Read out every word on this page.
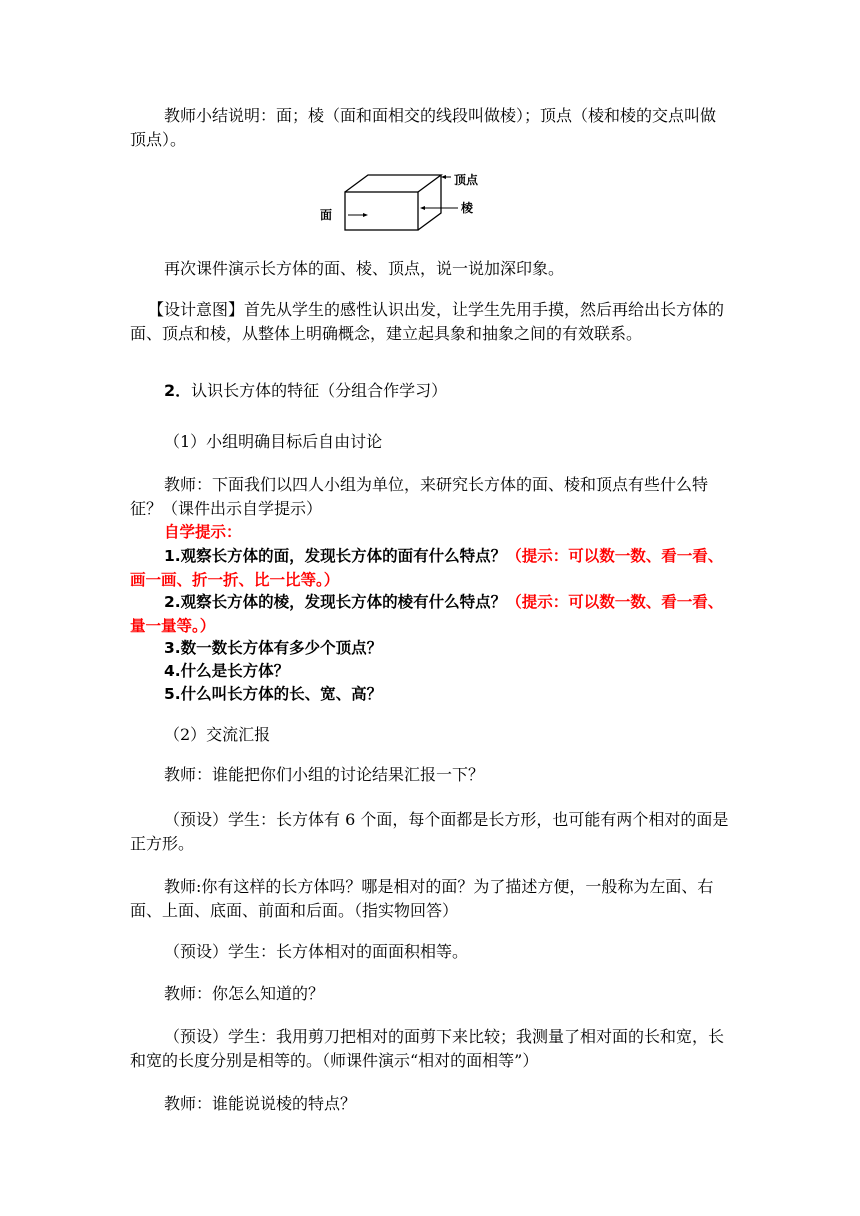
教师小结说明：面；棱（面和面相交的线段叫做棱）；顶点（棱和棱的交点叫做顶点）。

顶点
面	棱

再次课件演示长方体的面、棱、顶点，说一说加深印象。

【设计意图】首先从学生的感性认识出发，让学生先用手摸，然后再给出长方体的面、顶点和棱，从整体上明确概念，建立起具象和抽象之间的有效联系。

2．认识长方体的特征（分组合作学习）

（1）小组明确目标后自由讨论

教师：下面我们以四人小组为单位，来研究长方体的面、棱和顶点有些什么特征？（课件出示自学提示）

自学提示：

1.观察长方体的面，发现长方体的面有什么特点？（提示：可以数一数、看一看、画一画、折一折、比一比等。）

2.观察长方体的棱，发现长方体的棱有什么特点？（提示：可以数一数、看一看、量一量等。）

3.数一数长方体有多少个顶点？

4.什么是长方体？

5.什么叫长方体的长、宽、高？

（2）交流汇报

教师：谁能把你们小组的讨论结果汇报一下？

（预设）学生：长方体有 6 个面，每个面都是长方形，也可能有两个相对的面是正方形。

教师:你有这样的长方体吗？哪是相对的面？为了描述方便，一般称为左面、右面、上面、底面、前面和后面。（指实物回答）

（预设）学生：长方体相对的面面积相等。

教师：你怎么知道的？

（预设）学生：我用剪刀把相对的面剪下来比较；我测量了相对面的长和宽，长和宽的长度分别是相等的。（师课件演示“相对的面相等”）

教师：谁能说说棱的特点？
